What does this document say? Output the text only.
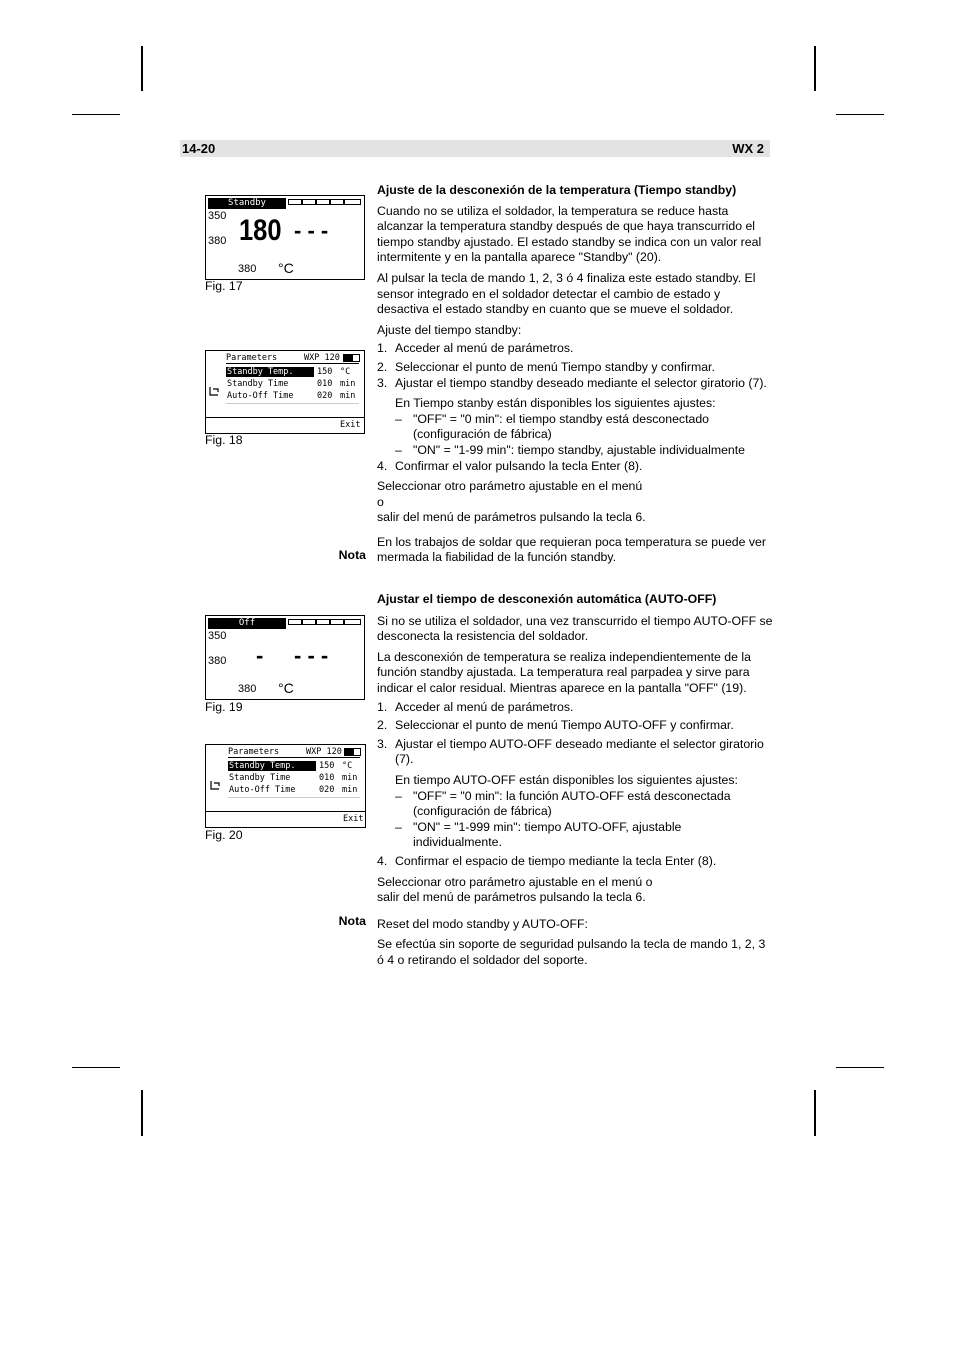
14-20	WX 2
Standby
350
380 180 - - -
380 °C
Fig. 17
Parameters	WXP 120
Standby Temp.	150 °C
Standby Time	010 min
Auto-Off Time	020 min
Exit
Fig. 18
Off
350
380 - - - -
380 °C
Fig. 19
Parameters	WXP 120
Standby Temp.	150 °C
Standby Time	010 min
Auto-Off Time	020 min
Exit
Fig. 20

Ajuste de la desconexión de la temperatura (Tiempo standby)

Cuando no se utiliza el soldador, la temperatura se reduce hasta alcanzar la temperatura standby después de que haya transcurrido el tiempo standby ajustado. El estado standby se indica con un valor real intermitente y en la pantalla aparece "Standby" (20).

Al pulsar la tecla de mando 1, 2, 3 ó 4 finaliza este estado standby. El sensor integrado en el soldador detectar el cambio de estado y desactiva el estado standby en cuanto que se mueve el soldador.

Ajuste del tiempo standby:

1. Acceder al menú de parámetros.

2. Seleccionar el punto de menú Tiempo standby y confirmar.

3. Ajustar el tiempo standby deseado mediante el selector giratorio (7).

En Tiempo stanby están disponibles los siguientes ajustes:

– "OFF" = "0 min": el tiempo standby está desconectado (configuración de fábrica)

– "ON" = "1-99 min": tiempo standby, ajustable individualmente

4. Confirmar el valor pulsando la tecla Enter (8).

Seleccionar otro parámetro ajustable en el menú

o

salir del menú de parámetros pulsando la tecla 6.

En los trabajos de soldar que requieran poca temperatura se puede ver mermada la fiabilidad de la función standby.

Nota

Ajustar el tiempo de desconexión automática (AUTO-OFF)

Si no se utiliza el soldador, una vez transcurrido el tiempo AUTO-OFF se desconecta la resistencia del soldador.

La desconexión de temperatura se realiza independientemente de la función standby ajustada. La temperatura real parpadea y sirve para indicar el calor residual. Mientras aparece en la pantalla "OFF" (19).

1. Acceder al menú de parámetros.

2. Seleccionar el punto de menú Tiempo AUTO-OFF y confirmar.

3. Ajustar el tiempo AUTO-OFF deseado mediante el selector giratorio (7).

En tiempo AUTO-OFF están disponibles los siguientes ajustes:

– "OFF" = "0 min": la función AUTO-OFF está desconectada (configuración de fábrica)

– "ON" = "1-999 min": tiempo AUTO-OFF, ajustable individualmente.

4. Confirmar el espacio de tiempo mediante la tecla Enter (8).

Seleccionar otro parámetro ajustable en el menú o

salir del menú de parámetros pulsando la tecla 6.

Reset del modo standby y AUTO-OFF:

Se efectúa sin soporte de seguridad pulsando la tecla de mando 1, 2, 3 ó 4 o retirando el soldador del soporte.

Nota
